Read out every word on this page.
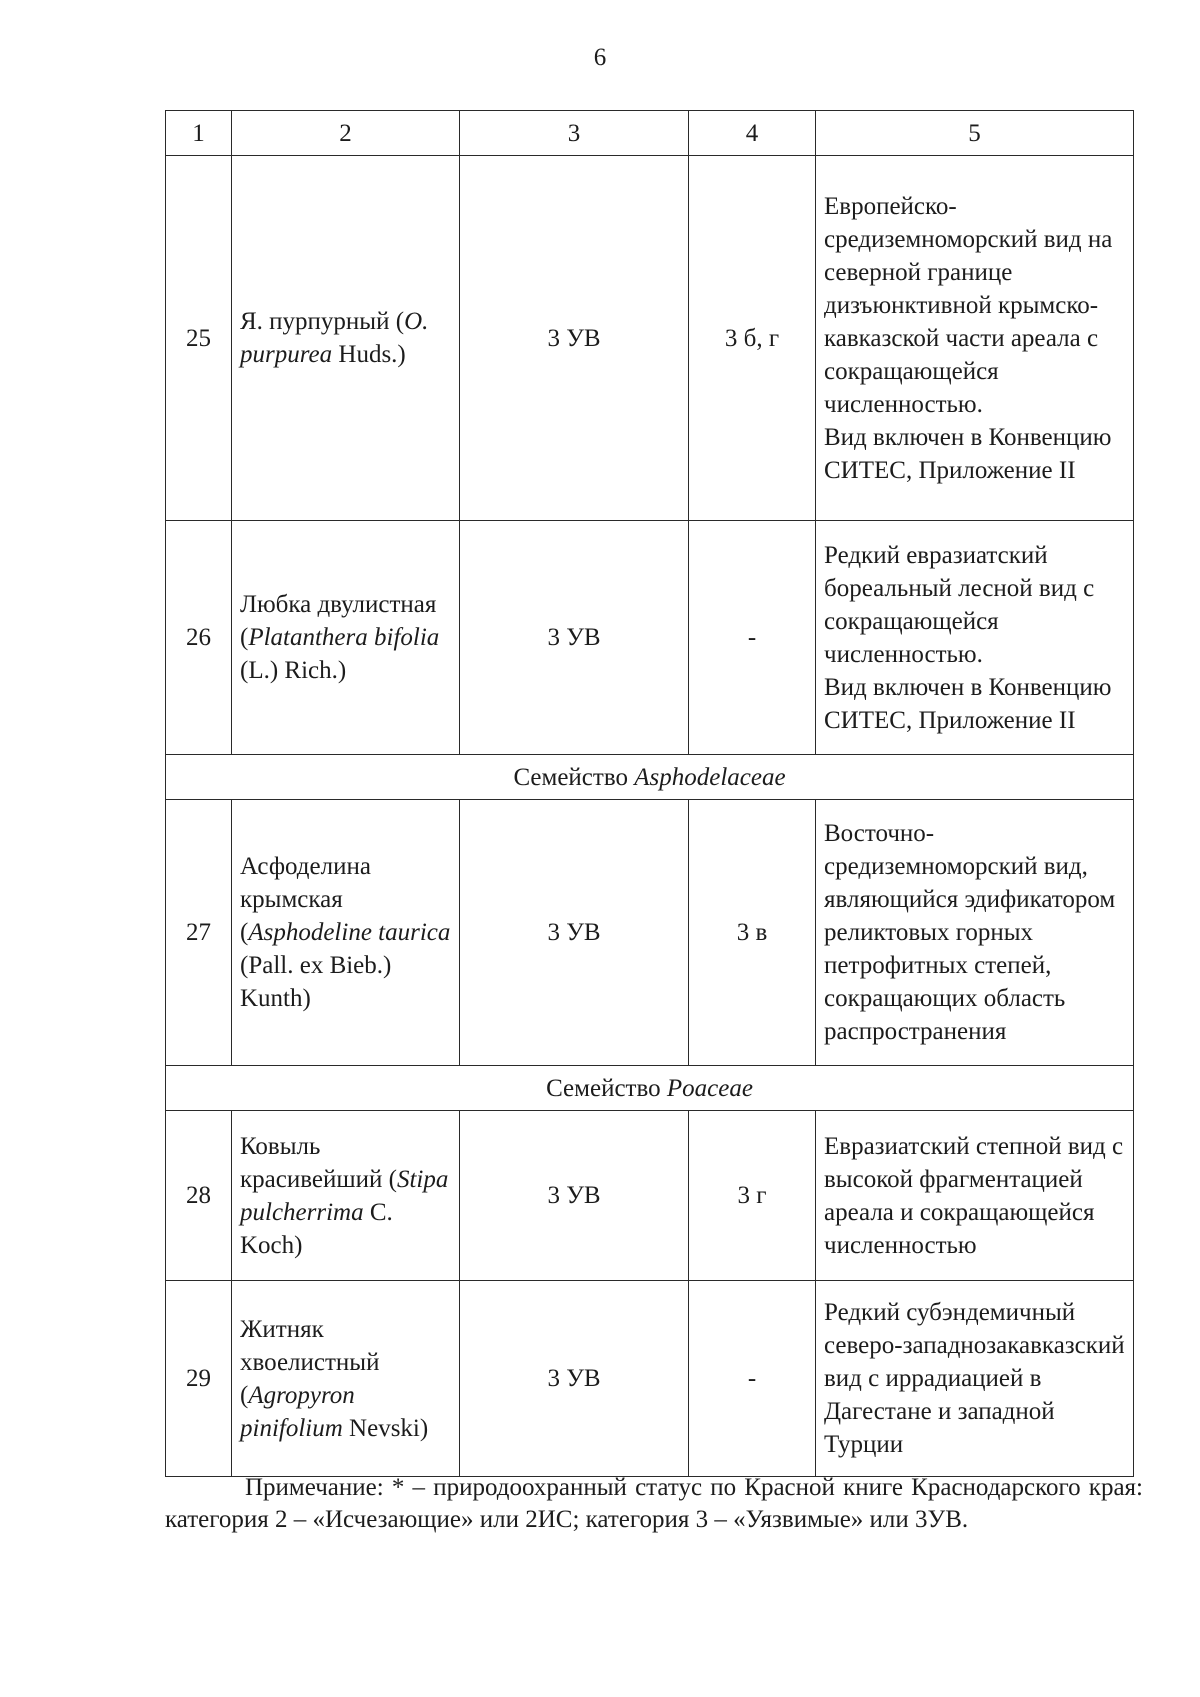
6
1	2	3	4	5
25	Я. пурпурный (O. purpurea Huds.)	3 УВ	3 б, г	Европейско-средиземноморский вид на северной границе дизъюнктивной крымско-кавказской части ареала с сокращающейся численностью.
Вид включен в Конвенцию СИТЕС, Приложение II
26	Любка двулистная (Platanthera bifolia (L.) Rich.)	3 УВ	-	Редкий евразиатский бореальный лесной вид с сокращающейся численностью.
Вид включен в Конвенцию СИТЕС, Приложение II
Семейство Asphodelaceae				
27	Асфоделина крымская (Asphodeline taurica (Pall. ex Bieb.) Kunth)	3 УВ	3 в	Восточно-средиземноморский вид, являющийся эдификатором реликтовых горных петрофитных степей, сокращающих область распространения
Семейство Poaceae				
28	Ковыль красивейший (Stipa pulcherrima C. Koch)	3 УВ	3 г	Евразиатский степной вид с высокой фрагментацией ареала и сокращающейся численностью
29	Житняк хвоелистный (Agropyron pinifolium Nevski)	3 УВ	-	Редкий субэндемичный северо-западнозакавказский вид с иррадиацией в Дагестане и западной Турции

Примечание: * – природоохранный статус по Красной книге Краснодарского края: категория 2 – «Исчезающие» или 2ИС; категория 3 – «Уязвимые» или 3УВ.
